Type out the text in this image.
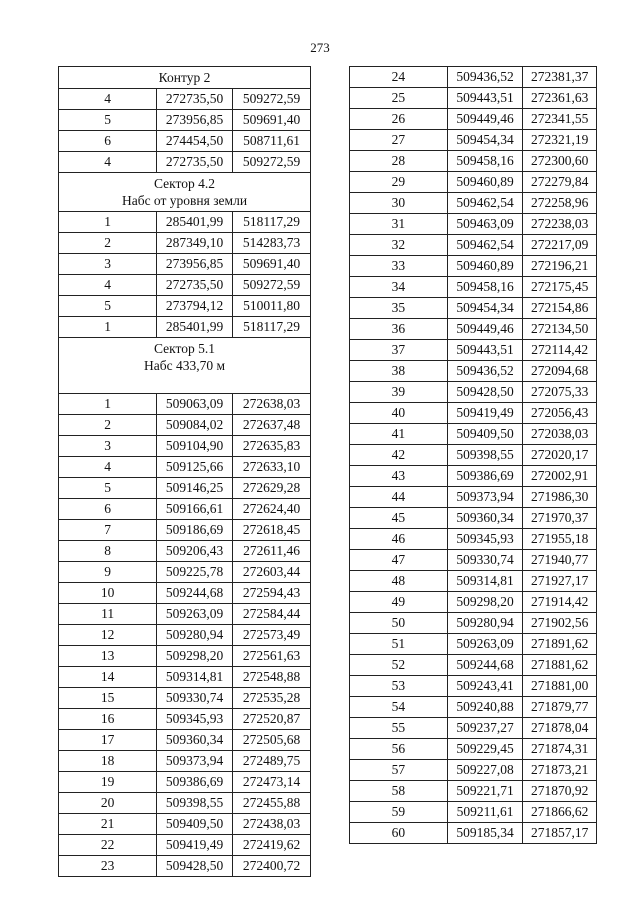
273
Контур 2		

4	272735,50	509272,59
5	273956,85	509691,40
6	274454,50	508711,61
4	272735,50	509272,59

Сектор 4.2
Набс от уровня земли		

1	285401,99	518117,29
2	287349,10	514283,73
3	273956,85	509691,40
4	272735,50	509272,59
5	273794,12	510011,80
1	285401,99	518117,29

Сектор 5.1
Набс 433,70 м		

1	509063,09	272638,03
2	509084,02	272637,48
3	509104,90	272635,83
4	509125,66	272633,10
5	509146,25	272629,28
6	509166,61	272624,40
7	509186,69	272618,45
8	509206,43	272611,46
9	509225,78	272603,44
10	509244,68	272594,43
11	509263,09	272584,44
12	509280,94	272573,49
13	509298,20	272561,63
14	509314,81	272548,88
15	509330,74	272535,28
16	509345,93	272520,87
17	509360,34	272505,68
18	509373,94	272489,75
19	509386,69	272473,14
20	509398,55	272455,88
21	509409,50	272438,03
22	509419,49	272419,62
23	509428,50	272400,72
24	509436,52	272381,37
25	509443,51	272361,63
26	509449,46	272341,55
27	509454,34	272321,19
28	509458,16	272300,60
29	509460,89	272279,84
30	509462,54	272258,96
31	509463,09	272238,03
32	509462,54	272217,09
33	509460,89	272196,21
34	509458,16	272175,45
35	509454,34	272154,86
36	509449,46	272134,50
37	509443,51	272114,42
38	509436,52	272094,68
39	509428,50	272075,33
40	509419,49	272056,43
41	509409,50	272038,03
42	509398,55	272020,17
43	509386,69	272002,91
44	509373,94	271986,30
45	509360,34	271970,37
46	509345,93	271955,18
47	509330,74	271940,77
48	509314,81	271927,17
49	509298,20	271914,42
50	509280,94	271902,56
51	509263,09	271891,62
52	509244,68	271881,62
53	509243,41	271881,00
54	509240,88	271879,77
55	509237,27	271878,04
56	509229,45	271874,31
57	509227,08	271873,21
58	509221,71	271870,92
59	509211,61	271866,62
60	509185,34	271857,17
